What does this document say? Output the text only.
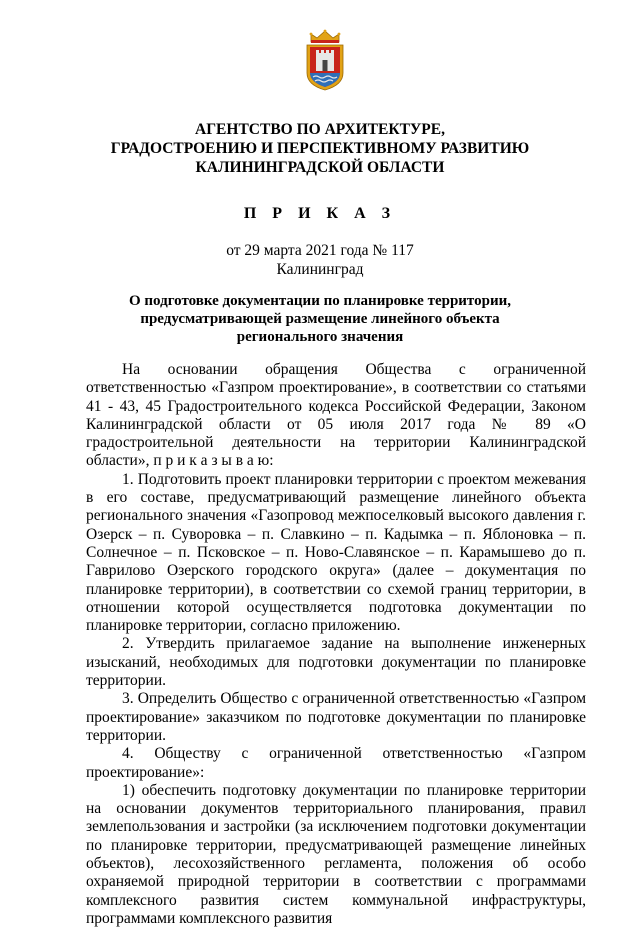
АГЕНТСТВО ПО АРХИТЕКТУРЕ,
ГРАДОСТРОЕНИЮ И ПЕРСПЕКТИВНОМУ РАЗВИТИЮ
КАЛИНИНГРАДСКОЙ ОБЛАСТИ
П Р И К А З
от 29 марта 2021 года № 117
Калининград
О подготовке документации по планировке территории,
предусматривающей размещение линейного объекта
регионального значения

На основании обращения Общества с ограниченной ответственностью «Газпром проектирование», в соответствии со статьями 41 - 43, 45 Градостроительного кодекса Российской Федерации, Законом Калининградской области от 05 июля 2017 года № 89 «О градостроительной деятельности на территории Калининградской области», п р и к а з ы в а ю:

1. Подготовить проект планировки территории с проектом межевания в его составе, предусматривающий размещение линейного объекта регионального значения «Газопровод межпоселковый высокого давления г. Озерск – п. Суворовка – п. Славкино – п. Кадымка – п. Яблоновка – п. Солнечное – п. Псковское – п. Ново-Славянское – п. Карамышево до п. Гаврилово Озерского городского округа» (далее – документация по планировке территории), в соответствии со схемой границ территории, в отношении которой осуществляется подготовка документации по планировке территории, согласно приложению.

2. Утвердить прилагаемое задание на выполнение инженерных изысканий, необходимых для подготовки документации по планировке территории.

3. Определить Общество с ограниченной ответственностью «Газпром проектирование» заказчиком по подготовке документации по планировке территории.

4. Обществу с ограниченной ответственностью «Газпром проектирование»:

1) обеспечить подготовку документации по планировке территории на основании документов территориального планирования, правил землепользования и застройки (за исключением подготовки документации по планировке территории, предусматривающей размещение линейных объектов), лесохозяйственного регламента, положения об особо охраняемой природной территории в соответствии с программами комплексного развития систем коммунальной инфраструктуры, программами комплексного развития
